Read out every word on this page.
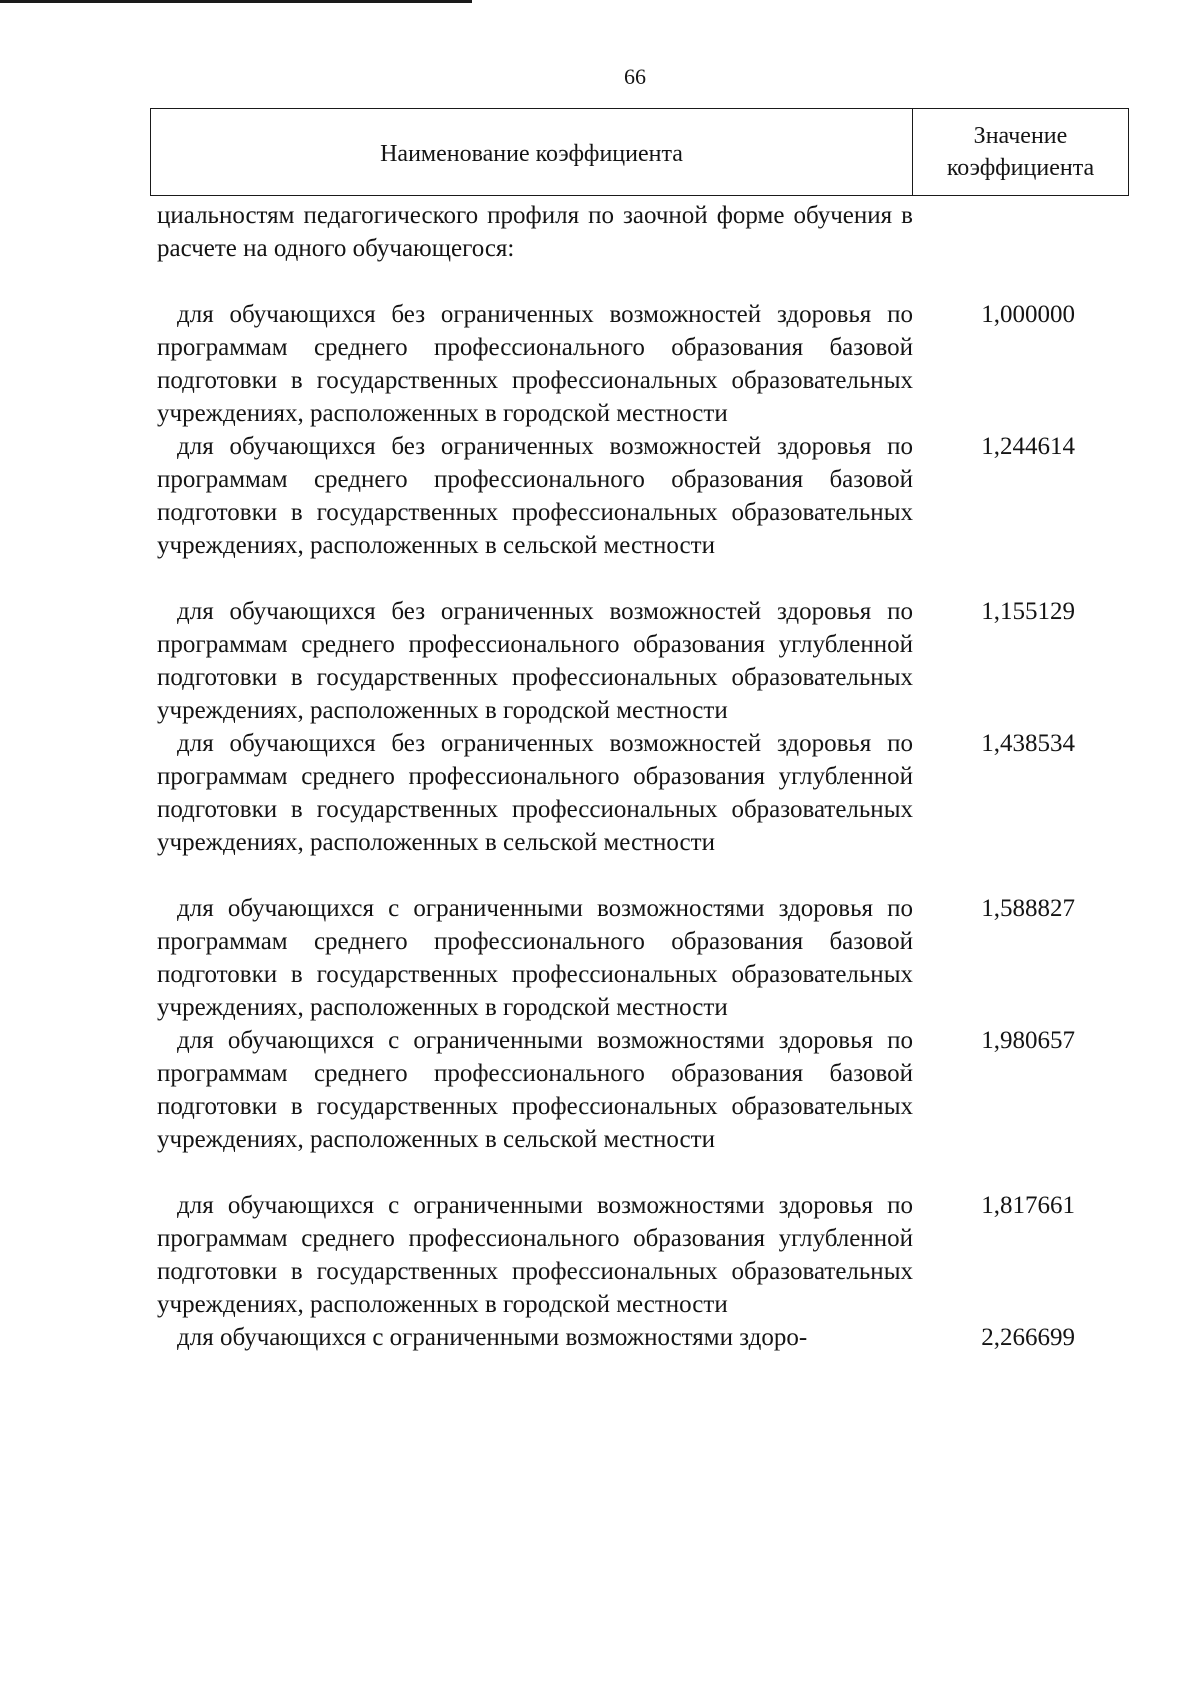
66
Наименование коэффициента
Значение
коэффициента
циальностям педагогического профиля по заочной форме обучения в расчете на одного обучающегося:
для обучающихся без ограниченных возможностей здоровья по программам среднего профессионального образования базовой подготовки в государственных профессиональных образовательных учреждениях, расположенных в городской местности
1,000000
для обучающихся без ограниченных возможностей здоровья по программам среднего профессионального образования базовой подготовки в государственных профессиональных образовательных учреждениях, расположенных в сельской местности
1,244614
для обучающихся без ограниченных возможностей здоровья по программам среднего профессионального образования углубленной подготовки в государственных профессиональных образовательных учреждениях, расположенных в городской местности
1,155129
для обучающихся без ограниченных возможностей здоровья по программам среднего профессионального образования углубленной подготовки в государственных профессиональных образовательных учреждениях, расположенных в сельской местности
1,438534
для обучающихся с ограниченными возможностями здоровья по программам среднего профессионального образования базовой подготовки в государственных профессиональных образовательных учреждениях, расположенных в городской местности
1,588827
для обучающихся с ограниченными возможностями здоровья по программам среднего профессионального образования базовой подготовки в государственных профессиональных образовательных учреждениях, расположенных в сельской местности
1,980657
для обучающихся с ограниченными возможностями здоровья по программам среднего профессионального образования углубленной подготовки в государственных профессиональных образовательных учреждениях, расположенных в городской местности
1,817661
для обучающихся с ограниченными возможностями здоро-	2,266699
